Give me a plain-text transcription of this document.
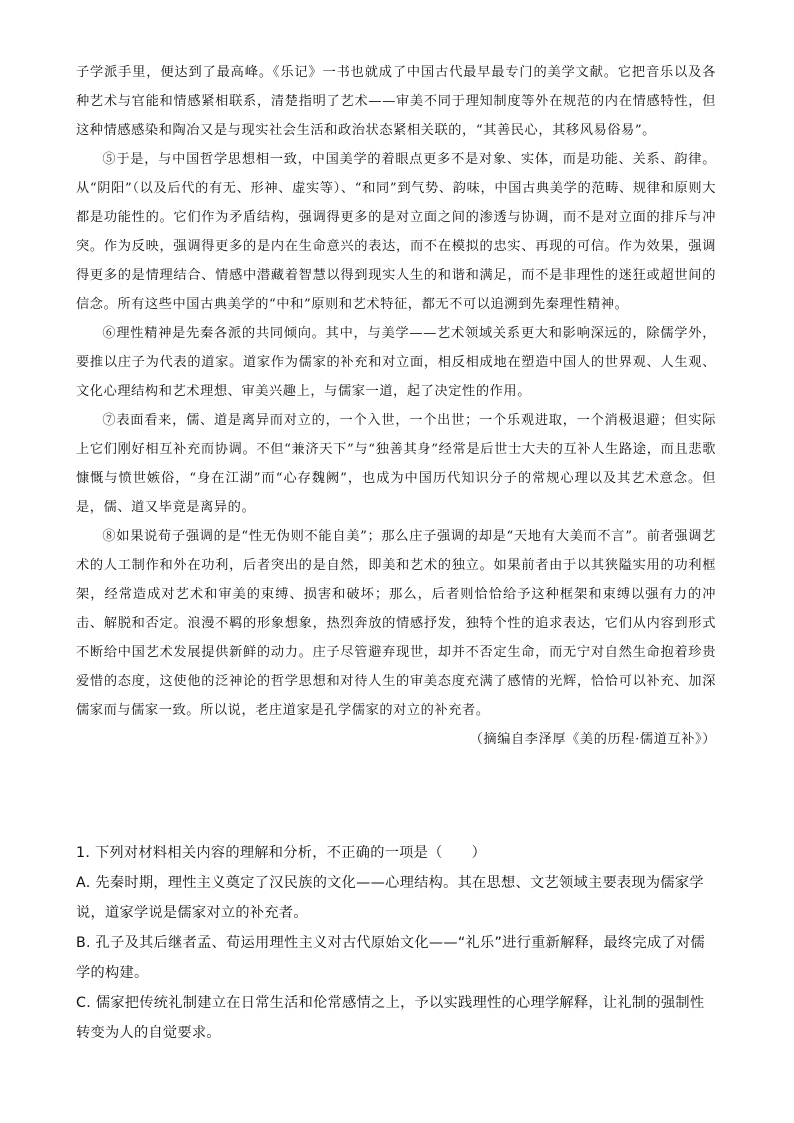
子学派手里，便达到了最高峰。《乐记》一书也就成了中国古代最早最专门的美学文献。它把音乐以及各种艺术与官能和情感紧相联系，清楚指明了艺术——审美不同于理知制度等外在规范的内在情感特性，但这种情感感染和陶冶又是与现实社会生活和政治状态紧相关联的，“其善民心，其移风易俗易”。

⑤于是，与中国哲学思想相一致，中国美学的着眼点更多不是对象、实体，而是功能、关系、韵律。从“阴阳”（以及后代的有无、形神、虚实等）、“和同”到气势、韵味，中国古典美学的范畴、规律和原则大都是功能性的。它们作为矛盾结构，强调得更多的是对立面之间的渗透与协调，而不是对立面的排斥与冲突。作为反映，强调得更多的是内在生命意兴的表达，而不在模拟的忠实、再现的可信。作为效果，强调得更多的是情理结合、情感中潜藏着智慧以得到现实人生的和谐和满足，而不是非理性的迷狂或超世间的信念。所有这些中国古典美学的“中和”原则和艺术特征，都无不可以追溯到先秦理性精神。

⑥理性精神是先秦各派的共同倾向。其中，与美学——艺术领域关系更大和影响深远的，除儒学外，要推以庄子为代表的道家。道家作为儒家的补充和对立面，相反相成地在塑造中国人的世界观、人生观、文化心理结构和艺术理想、审美兴趣上，与儒家一道，起了决定性的作用。

⑦表面看来，儒、道是离异而对立的，一个入世，一个出世；一个乐观进取，一个消极退避；但实际上它们刚好相互补充而协调。不但“兼济天下”与“独善其身”经常是后世士大夫的互补人生路途，而且悲歌慷慨与愤世嫉俗，“身在江湖”而“心存魏阙”，也成为中国历代知识分子的常规心理以及其艺术意念。但是，儒、道又毕竟是离异的。

⑧如果说荀子强调的是“性无伪则不能自美”；那么庄子强调的却是“天地有大美而不言”。前者强调艺术的人工制作和外在功利，后者突出的是自然，即美和艺术的独立。如果前者由于以其狭隘实用的功利框架，经常造成对艺术和审美的束缚、损害和破坏；那么，后者则恰恰给予这种框架和束缚以强有力的冲击、解脱和否定。浪漫不羁的形象想象，热烈奔放的情感抒发，独特个性的追求表达，它们从内容到形式不断给中国艺术发展提供新鲜的动力。庄子尽管避弃现世，却并不否定生命，而无宁对自然生命抱着珍贵爱惜的态度，这使他的泛神论的哲学思想和对待人生的审美态度充满了感情的光辉，恰恰可以补充、加深儒家而与儒家一致。所以说，老庄道家是孔学儒家的对立的补充者。

（摘编自李泽厚《美的历程·儒道互补》）

1. 下列对材料相关内容的理解和分析，不正确的一项是（　　）

A. 先秦时期，理性主义奠定了汉民族的文化——心理结构。其在思想、文艺领域主要表现为儒家学说，道家学说是儒家对立的补充者。

B. 孔子及其后继者孟、荀运用理性主义对古代原始文化——“礼乐”进行重新解释，最终完成了对儒学的构建。

C. 儒家把传统礼制建立在日常生活和伦常感情之上，予以实践理性的心理学解释，让礼制的强制性转变为人的自觉要求。
